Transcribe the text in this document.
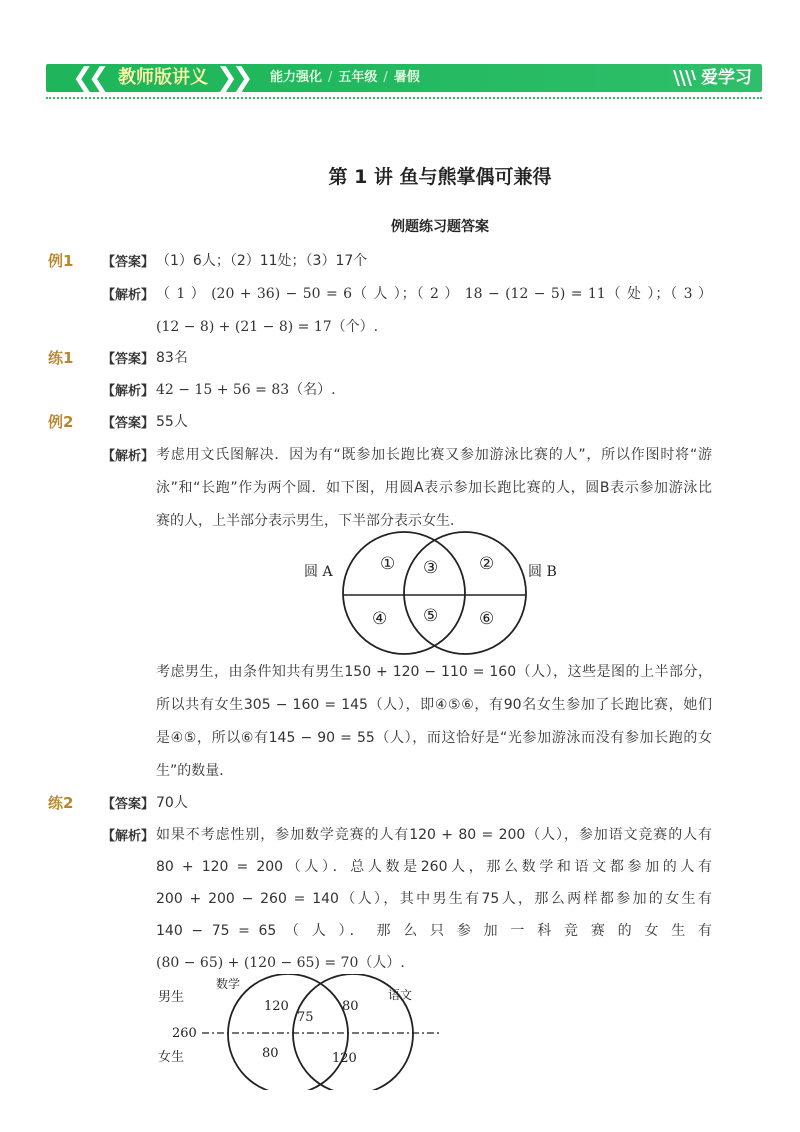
❮❮ 教师版讲义 ❯❯ 能力强化 / 五年级 / 暑假	爱学习
第 1 讲 鱼与熊掌偶可兼得
例题练习题答案
例1 【答案】 （1）6人；（2）11处；（3）17个
【解析】 （ 1 ） (20 + 36) − 50 = 6（ 人 ）；（ 2 ） 18 − (12 − 5) = 11（ 处 ）；（ 3 ）
(12 − 8) + (21 − 8) = 17（个）.
练1 【答案】 83名
【解析】 42 − 15 + 56 = 83（名）.
例2 【答案】 55人
【解析】 考虑用文氏图解决．因为有“既参加长跑比赛又参加游泳比赛的人”，所以作图时将“游
泳”和“长跑”作为两个圆．如下图，用圆A表示参加长跑比赛的人，圆B表示参加游泳比
赛的人，上半部分表示男生，下半部分表示女生．
圆 A	圆 B
①	②
③
④ ⑤ ⑥
考虑男生，由条件知共有男生150 + 120 − 110 = 160（人），这些是图的上半部分，
所以共有女生305 − 160 = 145（人），即④⑤⑥，有90名女生参加了长跑比赛，她们
是④⑤，所以⑥有145 − 90 = 55（人），而这恰好是“光参加游泳而没有参加长跑的女
生”的数量．
练2 【答案】 70人
【解析】 如果不考虑性别，参加数学竞赛的人有120 + 80 = 200（人），参加语文竞赛的人有
80 + 120 = 200（人）．总人数是260人，那么数学和语文都参加的人有
200 + 200 − 260 = 140（人），其中男生有75人，那么两样都参加的女生有
140 − 75 = 65 （ 人 ）． 那 么 只 参 加 一 科 竞 赛 的 女 生 有
(80 − 65) + (120 − 65) = 70（人）.
男生
女生
数学
语文
260
120
75
80
80	120
